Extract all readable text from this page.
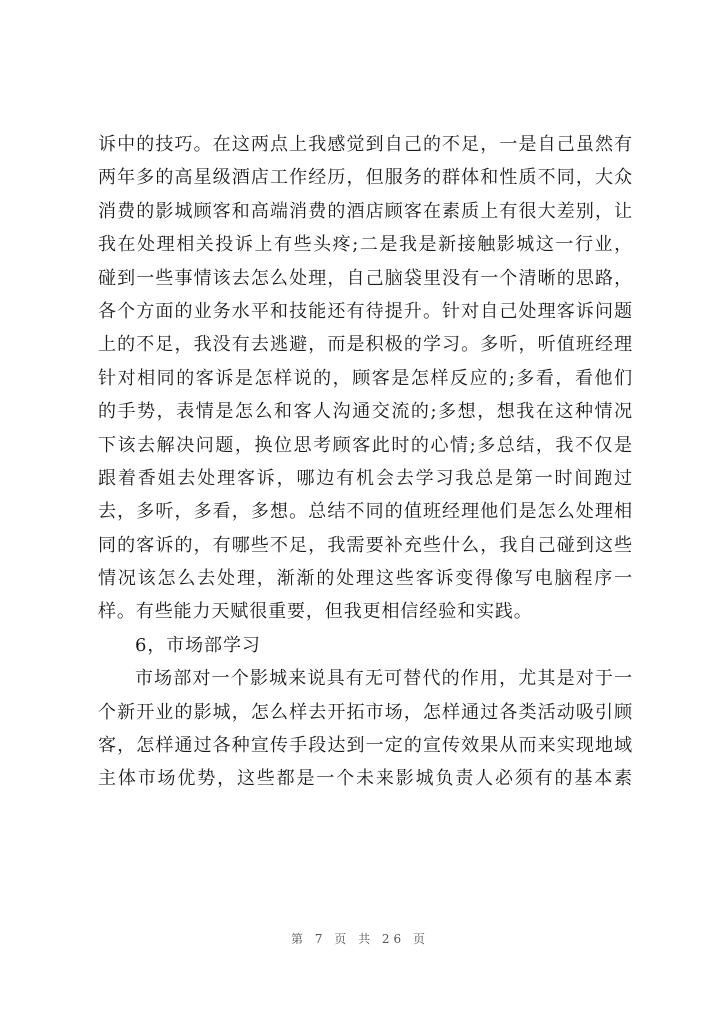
诉中的技巧。在这两点上我感觉到自己的不足，一是自己虽然有
两年多的高星级酒店工作经历，但服务的群体和性质不同，大众
消费的影城顾客和高端消费的酒店顾客在素质上有很大差别，让
我在处理相关投诉上有些头疼;二是我是新接触影城这一行业，
碰到一些事情该去怎么处理，自己脑袋里没有一个清晰的思路，
各个方面的业务水平和技能还有待提升。针对自己处理客诉问题
上的不足，我没有去逃避，而是积极的学习。多听，听值班经理
针对相同的客诉是怎样说的，顾客是怎样反应的;多看，看他们
的手势，表情是怎么和客人沟通交流的;多想，想我在这种情况
下该去解决问题，换位思考顾客此时的心情;多总结，我不仅是
跟着香姐去处理客诉，哪边有机会去学习我总是第一时间跑过
去，多听，多看，多想。总结不同的值班经理他们是怎么处理相
同的客诉的，有哪些不足，我需要补充些什么，我自己碰到这些
情况该怎么去处理，渐渐的处理这些客诉变得像写电脑程序一
样。有些能力天赋很重要，但我更相信经验和实践。
6，市场部学习
市场部对一个影城来说具有无可替代的作用，尤其是对于一
个新开业的影城，怎么样去开拓市场，怎样通过各类活动吸引顾
客，怎样通过各种宣传手段达到一定的宣传效果从而来实现地域
主体市场优势，这些都是一个未来影城负责人必须有的基本素
第 7 页 共 26 页
